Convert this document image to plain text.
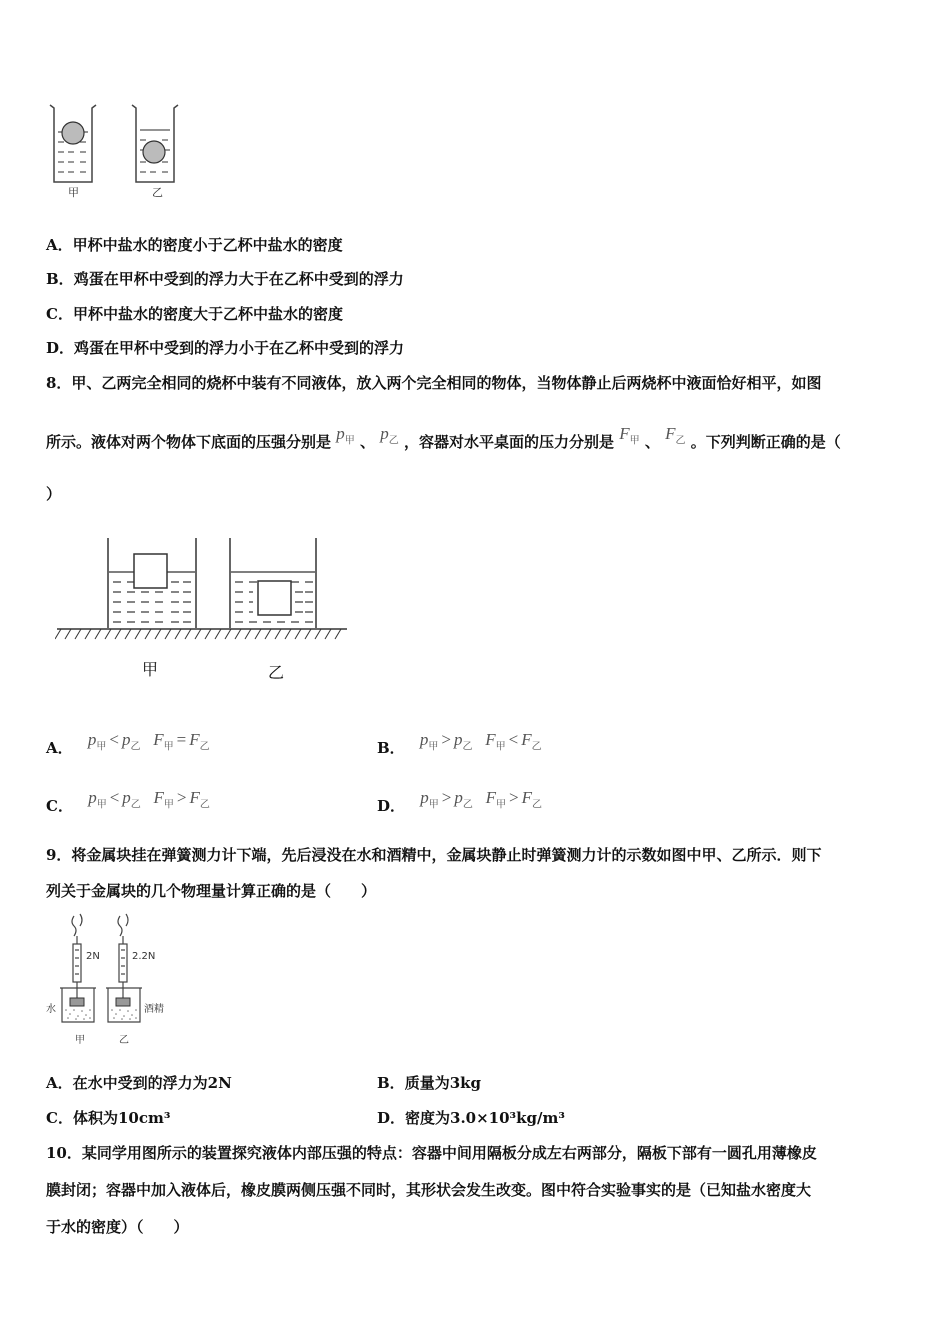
甲	乙
A．甲杯中盐水的密度小于乙杯中盐水的密度
B．鸡蛋在甲杯中受到的浮力大于在乙杯中受到的浮力
C．甲杯中盐水的密度大于乙杯中盐水的密度
D．鸡蛋在甲杯中受到的浮力小于在乙杯中受到的浮力
8．甲、乙两完全相同的烧杯中装有不同液体，放入两个完全相同的物体，当物体静止后两烧杯中液面恰好相平，如图
所示。液体对两个物体下底面的压强分别是 $p_甲$ 、 $p_乙$ ，容器对水平桌面的压力分别是 $F_甲$ 、 $F_乙$ 。下列判断正确的是（
）
甲	乙
A． $p_甲 < p_乙$ $F_甲 = F_乙$	B． $p_甲 > p_乙$ $F_甲 < F_乙$
C． $p_甲 < p_乙$ $F_甲 > F_乙$	D． $p_甲 > p_乙$ $F_甲 > F_乙$
9．将金属块挂在弹簧测力计下端，先后浸没在水和酒精中，金属块静止时弹簧测力计的示数如图中甲、乙所示．则下
列关于金属块的几个物理量计算正确的是（　　）
2N	2.2N
水	酒精
甲	乙
A．在水中受到的浮力为2N	B．质量为3kg
C．体积为10cm³	D．密度为3.0×10³kg/m³
10．某同学用图所示的装置探究液体内部压强的特点：容器中间用隔板分成左右两部分，隔板下部有一圆孔用薄橡皮
膜封闭；容器中加入液体后，橡皮膜两侧压强不同时，其形状会发生改变。图中符合实验事实的是（已知盐水密度大
于水的密度）（　　）
